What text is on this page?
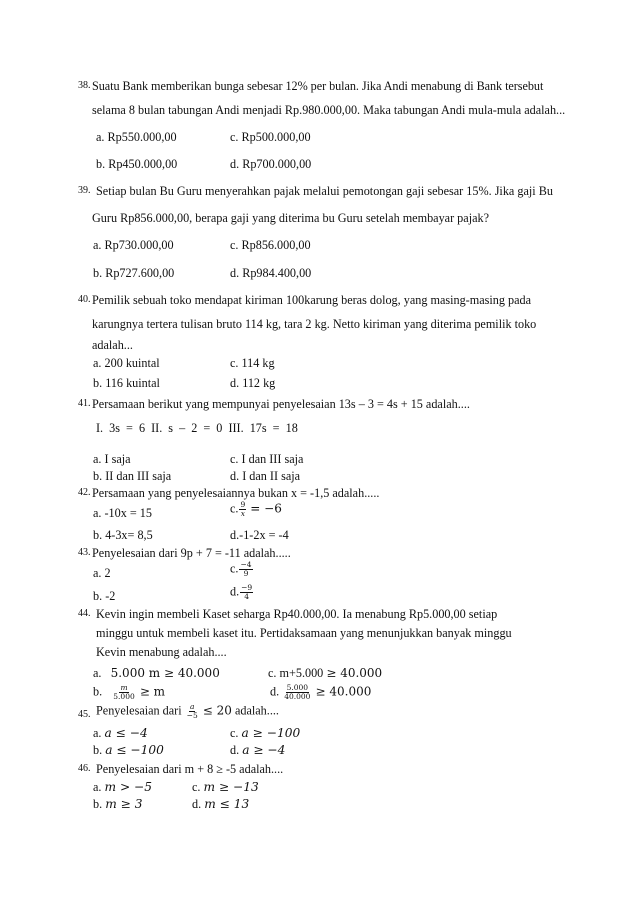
38. Suatu Bank memberikan bunga sebesar 12% per bulan. Jika Andi menabung di Bank tersebut
selama 8 bulan tabungan Andi menjadi Rp.980.000,00. Maka tabungan Andi mula-mula adalah...
a. Rp550.000,00	c. Rp500.000,00
b. Rp450.000,00	d. Rp700.000,00
39. Setiap bulan Bu Guru menyerahkan pajak melalui pemotongan gaji sebesar 15%. Jika gaji Bu
Guru Rp856.000,00, berapa gaji yang diterima bu Guru setelah membayar pajak?
a. Rp730.000,00	c. Rp856.000,00
b. Rp727.600,00	d. Rp984.400,00
40. Pemilik sebuah toko mendapat kiriman 100karung beras dolog, yang masing-masing pada
karungnya tertera tulisan bruto 114 kg, tara 2 kg. Netto kiriman yang diterima pemilik toko
adalah...
a. 200 kuintal	c. 114 kg
b. 116 kuintal	d. 112 kg
41. Persamaan berikut yang mempunyai penyelesaian 13s – 3 = 4s + 15 adalah....
I. 3s = 6 II. s – 2 = 0 III. 17s = 18
a. I saja	c. I dan III saja
b. II dan III saja	d. I dan II saja
42. Persamaan yang penyelesaiannya bukan x = -1,5 adalah.....
a. -10x = 15	c. $\frac{9}{x} = -6$
b. 4-3x= 8,5	d.-1-2x = -4
43. Penyelesaian dari 9p + 7 = -11 adalah.....
a. 2	c. $\frac{-4}{9}$
b. -2	d. $\frac{-9}{4}$
44. Kevin ingin membeli Kaset seharga Rp40.000,00. Ia menabung Rp5.000,00 setiap
minggu untuk membeli kaset itu. Pertidaksamaan yang menunjukkan banyak minggu
Kevin menabung adalah....
a. 5.000 m ≥ 40.000	c. m+5.000 ≥ 40.000
b. $\frac{m}{5.000} \ge m$	d. $\frac{5.000}{40.000} \ge 40.000$
45. Penyelesaian dari $\frac{a}{-5} \le 20$ adalah....
a. a ≤ −4	c. a ≥ −100
b. a ≤ −100	d. a ≥ −4
46. Penyelesaian dari m + 8 ≥ -5 adalah....
a. m > −5	c. m ≥ −13
b. m ≥ 3	d. m ≤ 13
